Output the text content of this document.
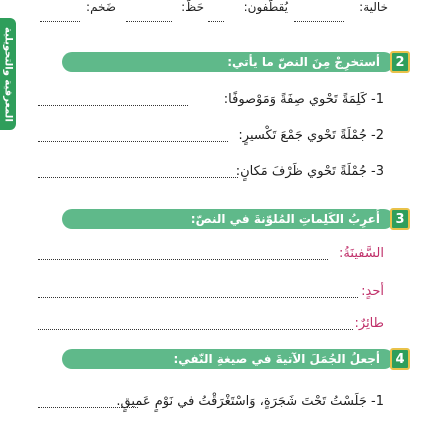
المعرفية والتحويلية
خالية:
يُقطّفون:
حَظّ:
ضَخم:
أستخرِجْ مِنَ النصّ ما يأتي:	2
1- كَلِمَةً تَحْوي صِفَةً وَمَوْصوفًا:
2- جُمْلَةً تَحْوي جَمْعَ تَكْسيرٍ:
3- جُمْلَةً تَحْوي ظَرْفَ مَكانٍ:
أُعرِبُ الكَلِماتِ المُلوّنةَ في النصّ:	3
السَّفينَةُ:
أحدٍ:
طائِرٌ:
أجعلُ الجُمَلَ الآتيةَ في صيغةِ النّفي:	4
1- جَلَسْتُ تَحْتَ شَجَرَةٍ، وَاسْتَغْرَقْتُ في نَوْمٍ عَميقٍ.
